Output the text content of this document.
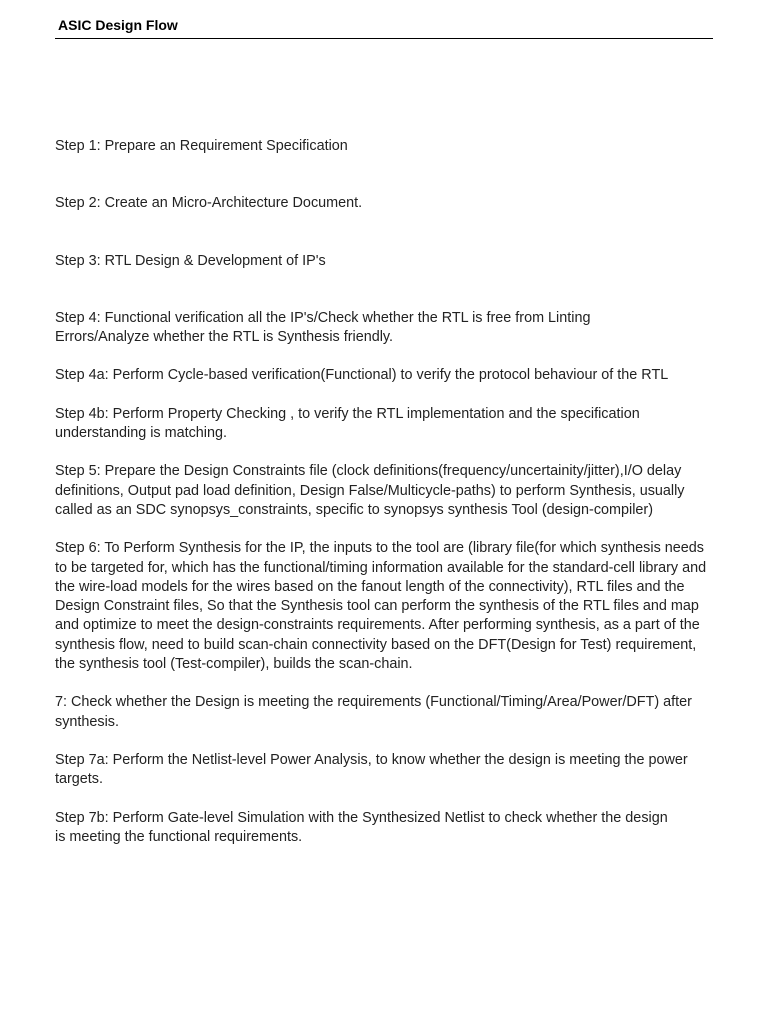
ASIC Design Flow

Step 1: Prepare an Requirement Specification

Step 2: Create an Micro-Architecture Document.

Step 3: RTL Design & Development of IP's

Step 4: Functional verification all the IP's/Check whether the RTL is free from Linting Errors/Analyze whether the RTL is Synthesis friendly.

Step 4a: Perform Cycle-based verification(Functional) to verify the protocol behaviour of the RTL

Step 4b: Perform Property Checking , to verify the RTL implementation and the specification understanding is matching.

Step 5: Prepare the Design Constraints file (clock definitions(frequency/uncertainity/jitter),I/O delay definitions, Output pad load definition, Design False/Multicycle-paths) to perform Synthesis, usually called as an SDC synopsys_constraints, specific to synopsys synthesis Tool (design-compiler)

Step 6: To Perform Synthesis for the IP, the inputs to the tool are (library file(for which synthesis needs to be targeted for, which has the functional/timing information available for the standard-cell library and the wire-load models for the wires based on the fanout length of the connectivity), RTL files and the Design Constraint files, So that the Synthesis tool can perform the synthesis of the RTL files and map and optimize to meet the design-constraints requirements. After performing synthesis, as a part of the synthesis flow, need to build scan-chain connectivity based on the DFT(Design for Test) requirement, the synthesis tool (Test-compiler), builds the scan-chain.

7: Check whether the Design is meeting the requirements (Functional/Timing/Area/Power/DFT) after synthesis.

Step 7a: Perform the Netlist-level Power Analysis, to know whether the design is meeting the power targets.

Step 7b: Perform Gate-level Simulation with the Synthesized Netlist to check whether the design is meeting the functional requirements.
